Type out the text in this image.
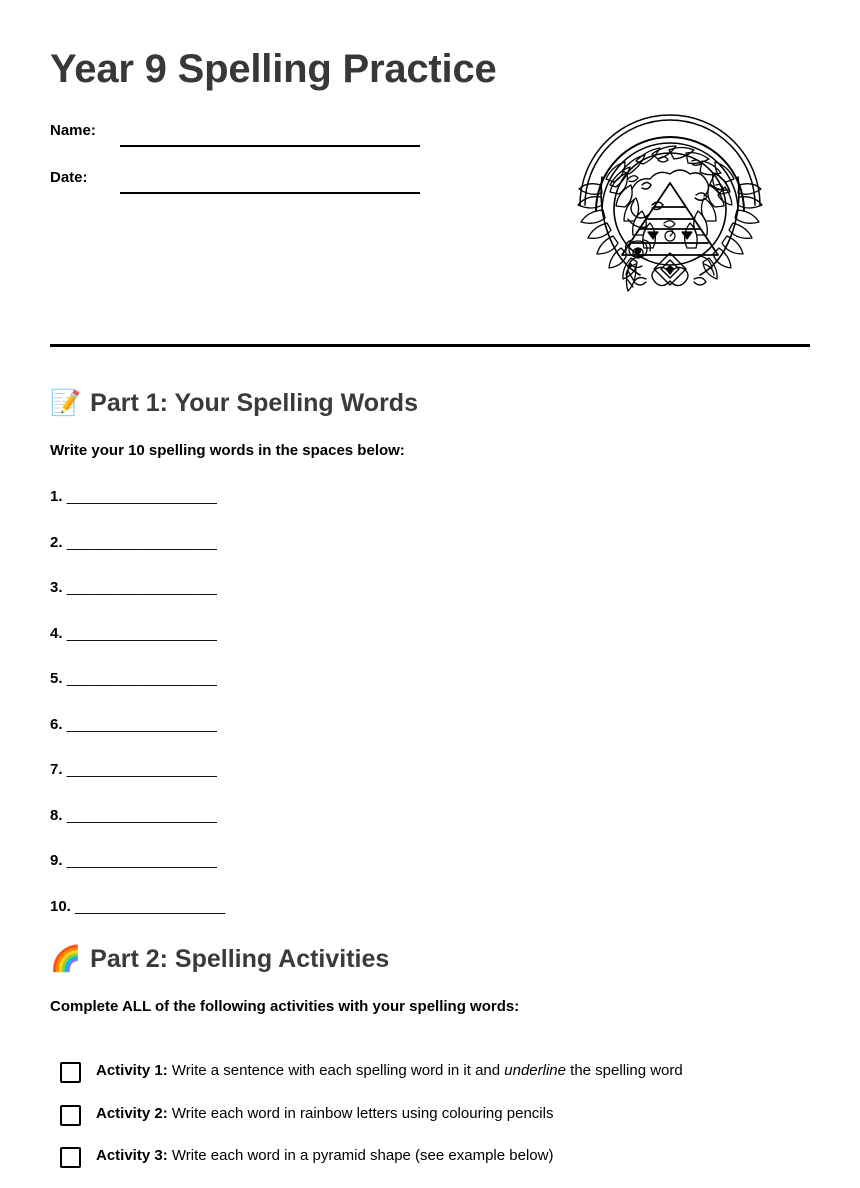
Year 9 Spelling Practice
Name:
Date:
📝 Part 1: Your Spelling Words
Write your 10 spelling words in the spaces below:
1. __________________
2. __________________
3. __________________
4. __________________
5. __________________
6. __________________
7. __________________
8. __________________
9. __________________
10. __________________
🌈 Part 2: Spelling Activities
Complete ALL of the following activities with your spelling words:
Activity 1: Write a sentence with each spelling word in it and underline the spelling word
Activity 2: Write each word in rainbow letters using colouring pencils
Activity 3: Write each word in a pyramid shape (see example below)
